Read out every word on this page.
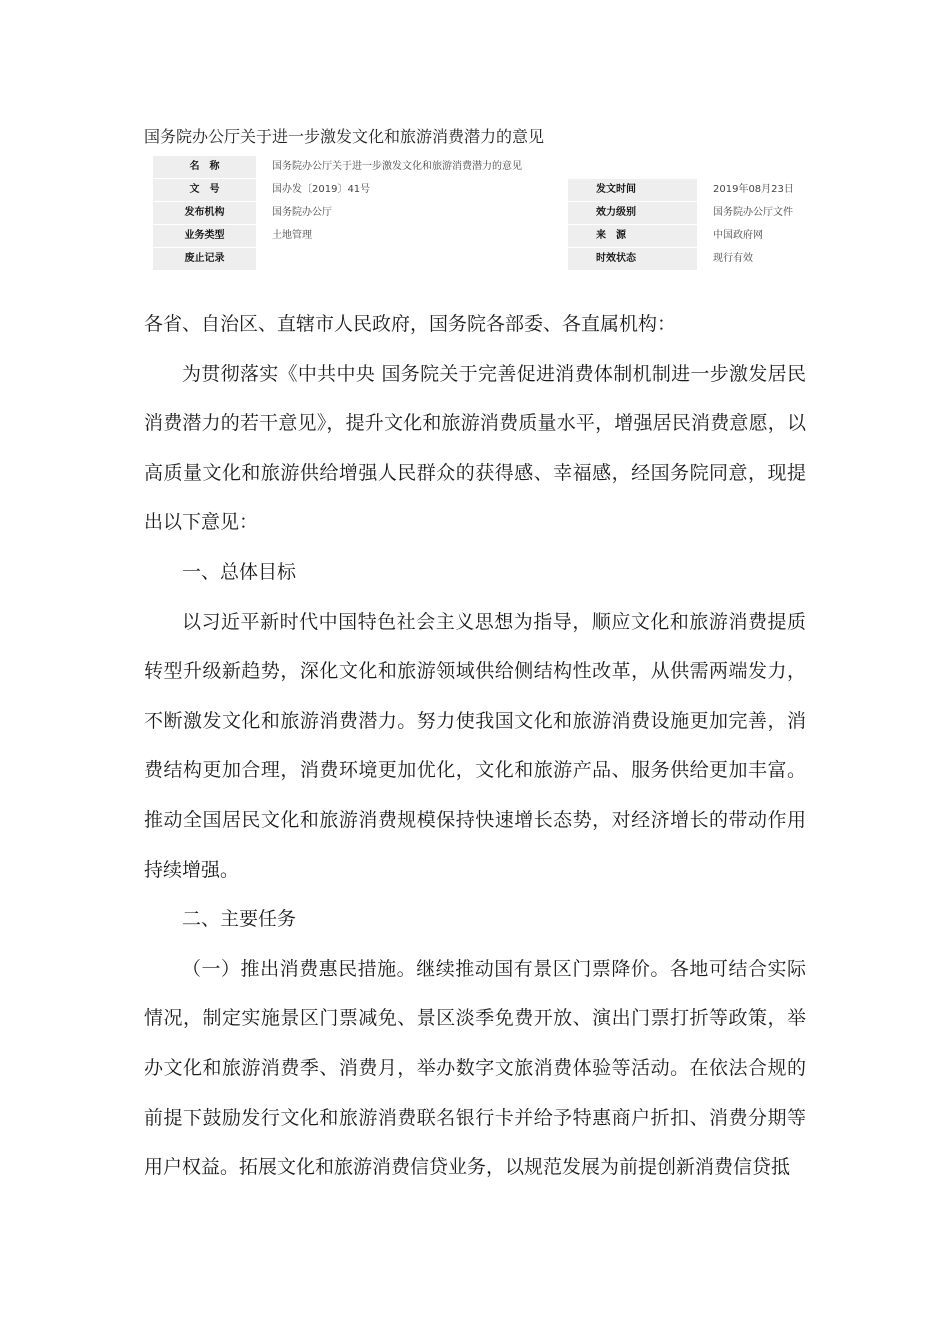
国务院办公厅关于进一步激发文化和旅游消费潜力的意见
名　称	国务院办公厅关于进一步激发文化和旅游消费潜力的意见		
文　号	国办发〔2019〕41号	发文时间	2019年08月23日
发布机构	国务院办公厅	效力级别	国务院办公厅文件
业务类型	土地管理	来　源	中国政府网
废止记录		时效状态	现行有效

各省、自治区、直辖市人民政府，国务院各部委、各直属机构：

为贯彻落实《中共中央 国务院关于完善促进消费体制机制进一步激发居民消费潜力的若干意见》，提升文化和旅游消费质量水平，增强居民消费意愿，以高质量文化和旅游供给增强人民群众的获得感、幸福感，经国务院同意，现提出以下意见：

一、总体目标

以习近平新时代中国特色社会主义思想为指导，顺应文化和旅游消费提质转型升级新趋势，深化文化和旅游领域供给侧结构性改革，从供需两端发力，不断激发文化和旅游消费潜力。努力使我国文化和旅游消费设施更加完善，消费结构更加合理，消费环境更加优化，文化和旅游产品、服务供给更加丰富。推动全国居民文化和旅游消费规模保持快速增长态势，对经济增长的带动作用持续增强。

二、主要任务

（一）推出消费惠民措施。继续推动国有景区门票降价。各地可结合实际情况，制定实施景区门票减免、景区淡季免费开放、演出门票打折等政策，举办文化和旅游消费季、消费月，举办数字文旅消费体验等活动。在依法合规的前提下鼓励发行文化和旅游消费联名银行卡并给予特惠商户折扣、消费分期等用户权益。拓展文化和旅游消费信贷业务，以规范发展为前提创新消费信贷抵
